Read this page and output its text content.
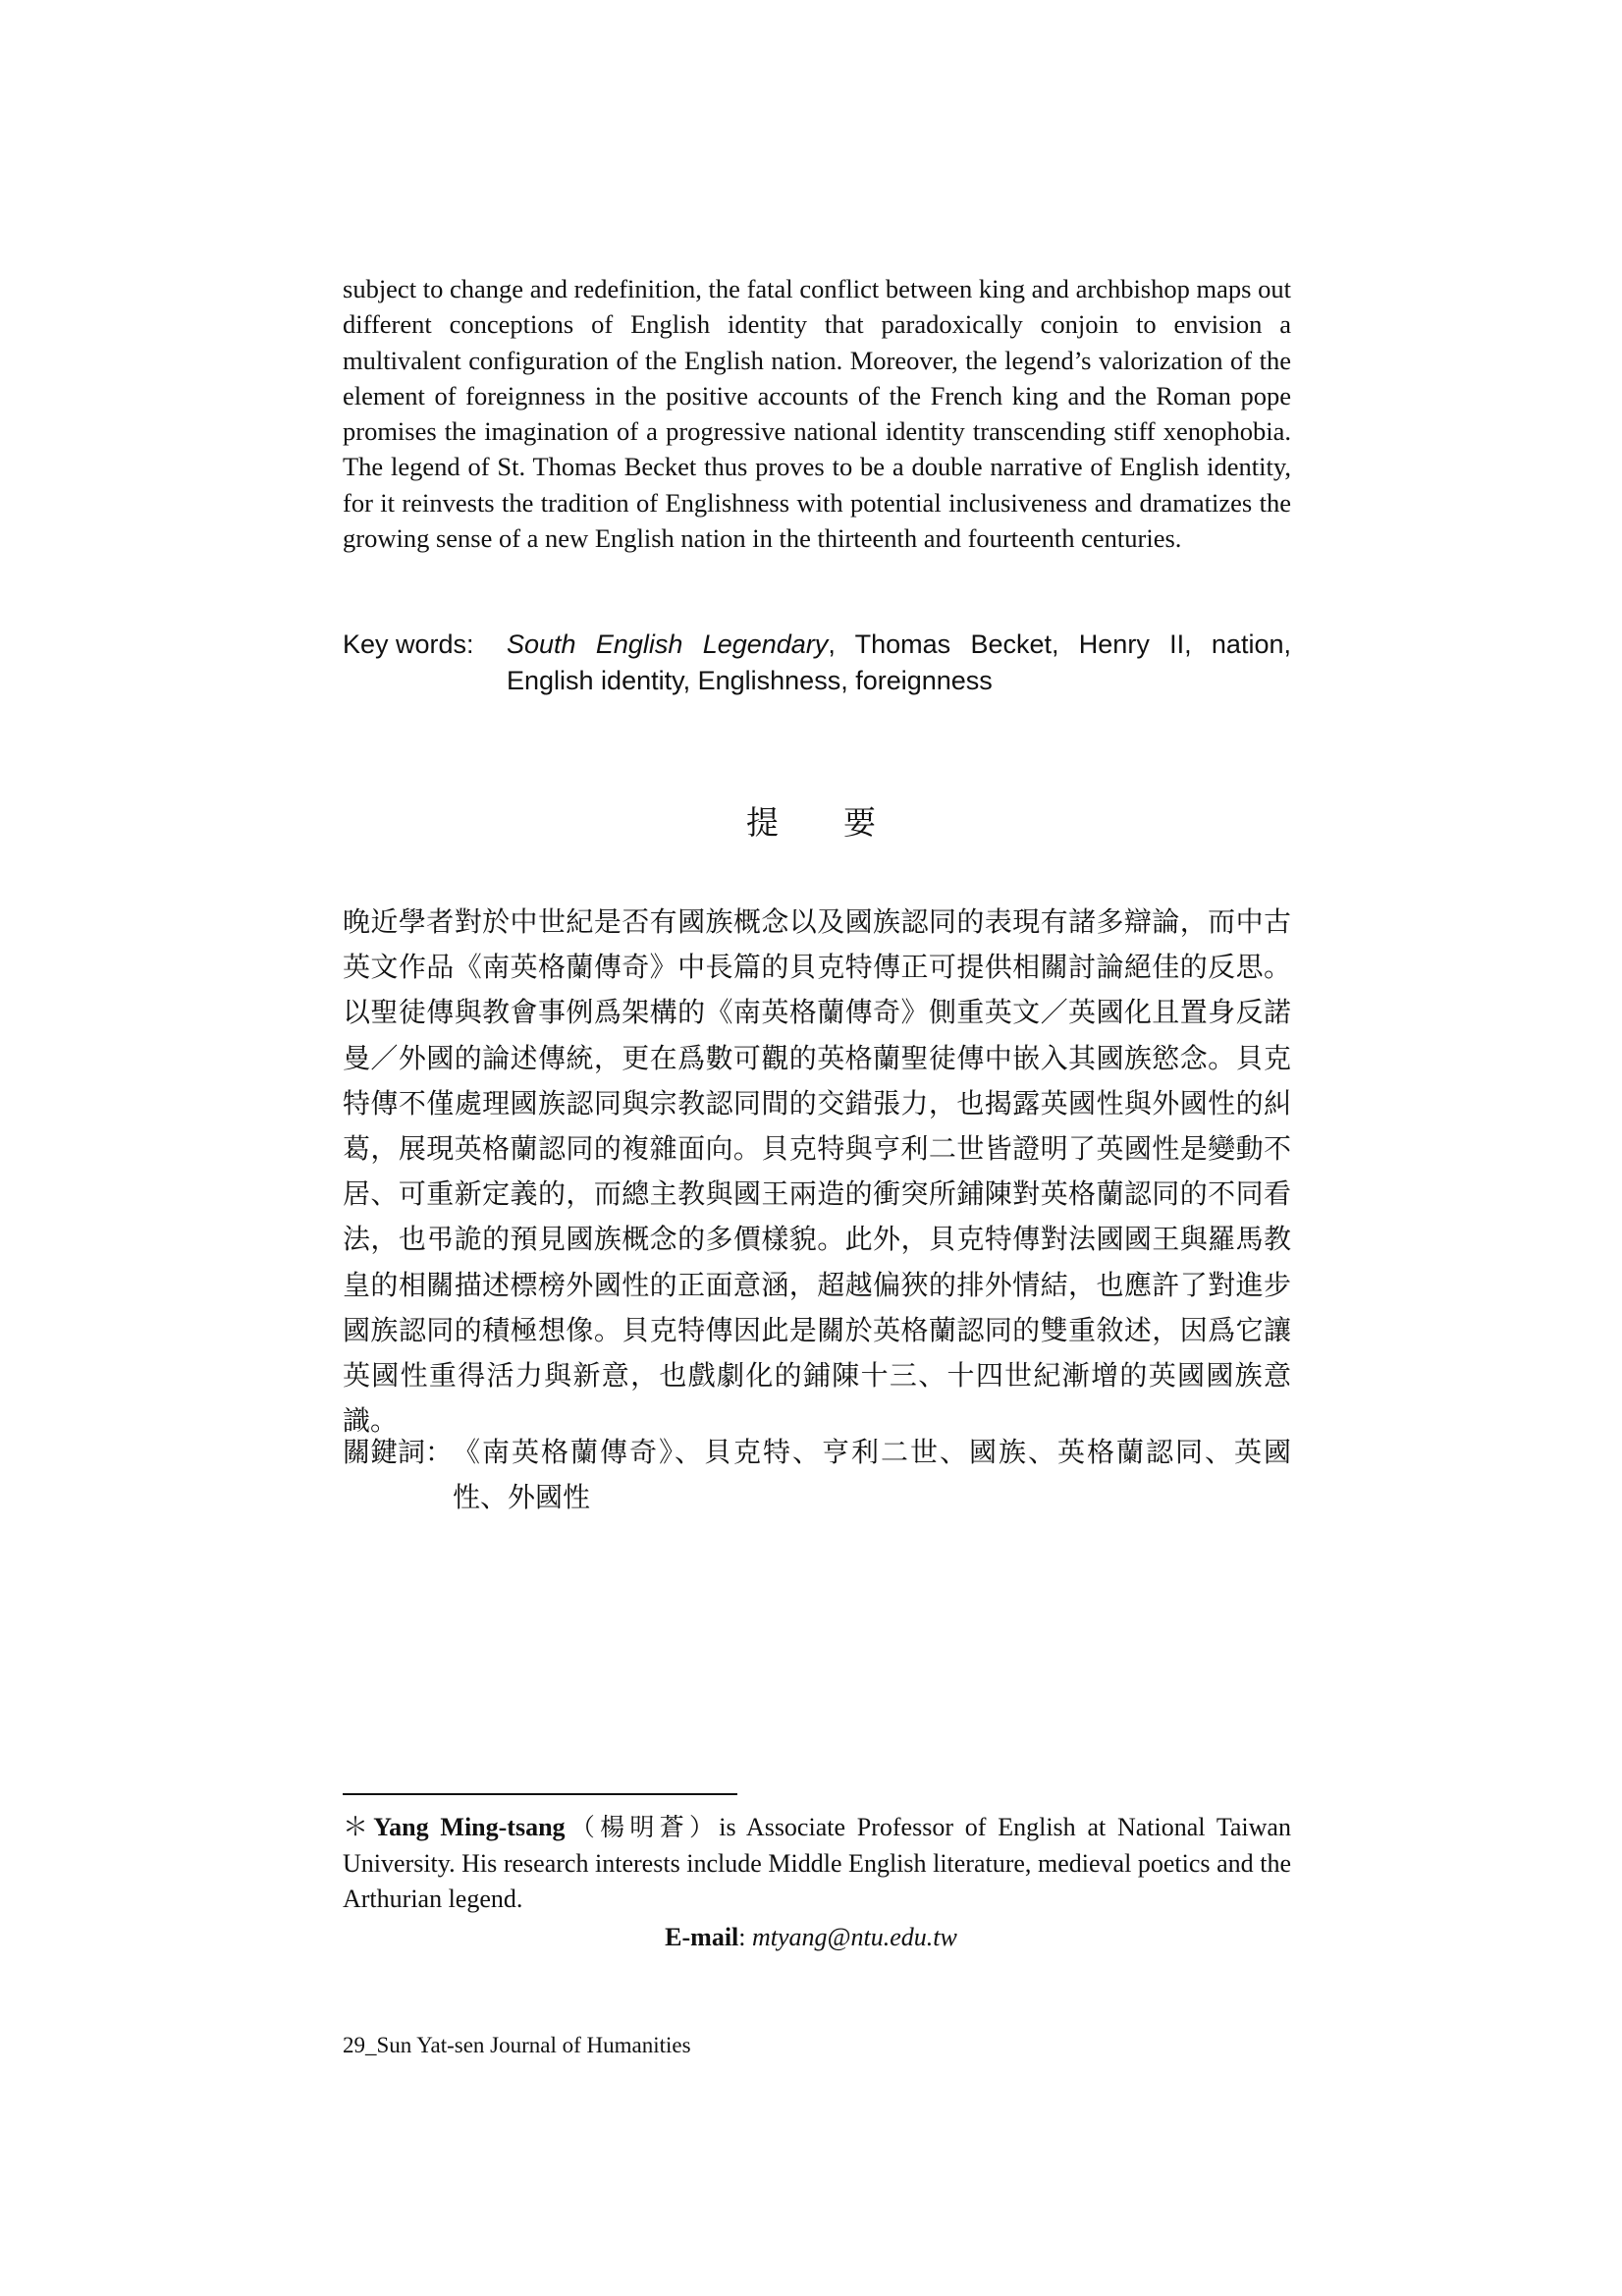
subject to change and redefinition, the fatal conflict between king and archbishop maps out different conceptions of English identity that paradoxically conjoin to envision a multivalent configuration of the English nation. Moreover, the legend’s valorization of the element of foreignness in the positive accounts of the French king and the Roman pope promises the imagination of a progressive national identity transcending stiff xenophobia. The legend of St. Thomas Becket thus proves to be a double narrative of English identity, for it reinvests the tradition of Englishness with potential inclusiveness and dramatizes the growing sense of a new English nation in the thirteenth and fourteenth centuries.

Key words:	South English Legendary, Thomas Becket, Henry II, nation, English identity, Englishness, foreignness
提 要

晚近學者對於中世紀是否有國族概念以及國族認同的表現有諸多辯論，而中古英文作品《南英格蘭傳奇》中長篇的貝克特傳正可提供相關討論絕佳的反思。以聖徒傳與教會事例爲架構的《南英格蘭傳奇》側重英文／英國化且置身反諾曼／外國的論述傳統，更在爲數可觀的英格蘭聖徒傳中嵌入其國族慾念。貝克特傳不僅處理國族認同與宗教認同間的交錯張力，也揭露英國性與外國性的糾葛，展現英格蘭認同的複雜面向。貝克特與亨利二世皆證明了英國性是變動不居、可重新定義的，而總主教與國王兩造的衝突所鋪陳對英格蘭認同的不同看法，也弔詭的預見國族概念的多價樣貌。此外，貝克特傳對法國國王與羅馬教皇的相關描述標榜外國性的正面意涵，超越偏狹的排外情結，也應許了對進步國族認同的積極想像。貝克特傳因此是關於英格蘭認同的雙重敘述，因爲它讓英國性重得活力與新意，也戲劇化的鋪陳十三、十四世紀漸增的英國國族意識。

關鍵詞： 《南英格蘭傳奇》、貝克特、亨利二世、國族、英格蘭認同、英國性、外國性

＊Yang Ming-tsang（楊明蒼）is Associate Professor of English at National Taiwan University. His research interests include Middle English literature, medieval poetics and the Arthurian legend.

E-mail: mtyang@ntu.edu.tw
29_Sun Yat-sen Journal of Humanities
